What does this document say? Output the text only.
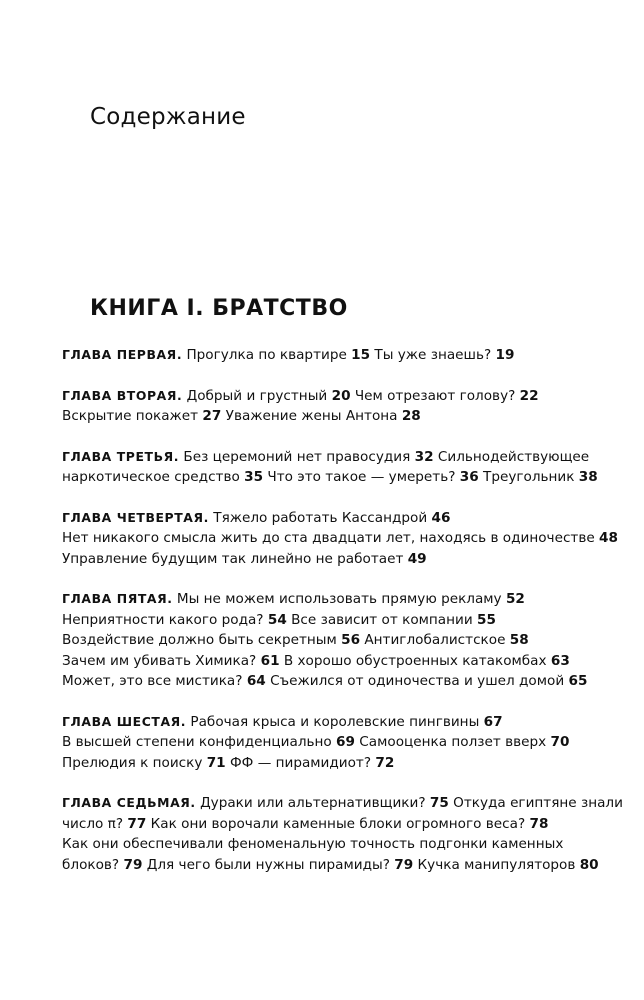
Содержание
КНИГА I. БРАТСТВО
ГЛАВА ПЕРВАЯ. Прогулка по квартире 15 Ты уже знаешь? 19
ГЛАВА ВТОРАЯ. Добрый и грустный 20 Чем отрезают голову? 22
Вскрытие покажет 27 Уважение жены Антона 28
ГЛАВА ТРЕТЬЯ. Без церемоний нет правосудия 32 Сильнодействующее
наркотическое средство 35 Что это такое — умереть? 36 Треугольник 38
ГЛАВА ЧЕТВЕРТАЯ. Тяжело работать Кассандрой 46
Нет никакого смысла жить до ста двадцати лет, находясь в одиночестве 48
Управление будущим так линейно не работает 49
ГЛАВА ПЯТАЯ. Мы не можем использовать прямую рекламу 52
Неприятности какого рода? 54 Все зависит от компании 55
Воздействие должно быть секретным 56 Антиглобалистское 58
Зачем им убивать Химика? 61 В хорошо обустроенных катакомбах 63
Может, это все мистика? 64 Съежился от одиночества и ушел домой 65
ГЛАВА ШЕСТАЯ. Рабочая крыса и королевские пингвины 67
В высшей степени конфиденциально 69 Самооценка ползет вверх 70
Прелюдия к поиску 71 ФФ — пирамидиот? 72
ГЛАВА СЕДЬМАЯ. Дураки или альтернативщики? 75 Откуда египтяне знали
число π? 77 Как они ворочали каменные блоки огромного веса? 78
Как они обеспечивали феноменальную точность подгонки каменных
блоков? 79 Для чего были нужны пирамиды? 79 Кучка манипуляторов 80
